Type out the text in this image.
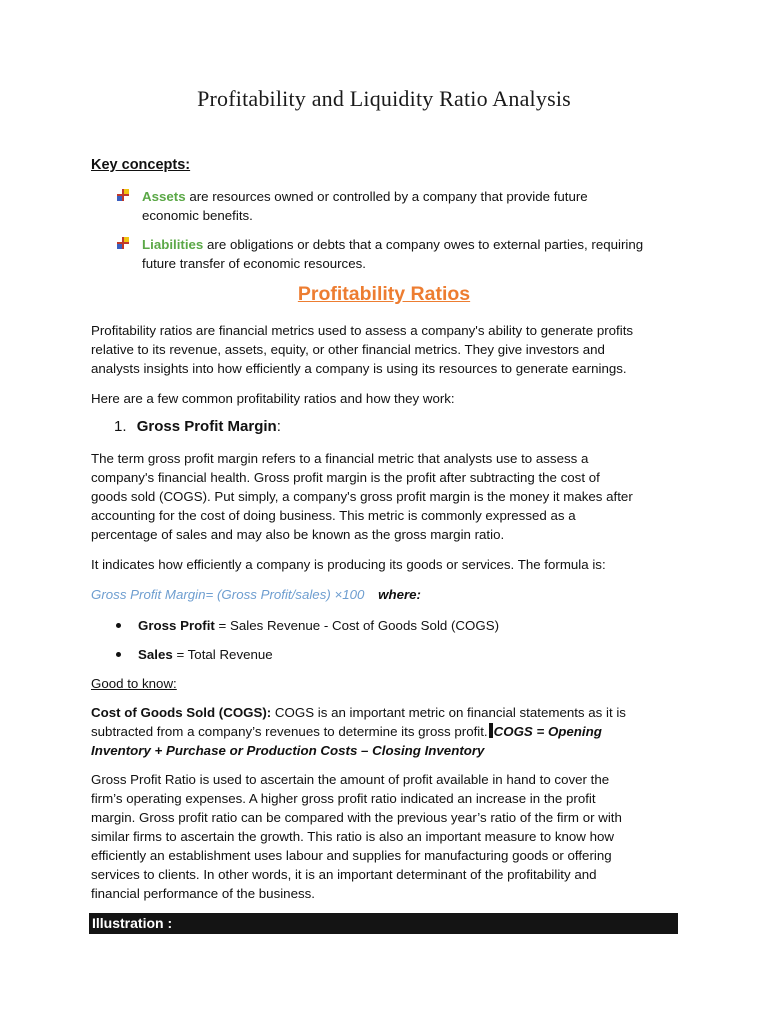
Profitability and Liquidity Ratio Analysis
Key concepts:
Assets are resources owned or controlled by a company that provide future
economic benefits.
Liabilities are obligations or debts that a company owes to external parties, requiring
future transfer of economic resources.
Profitability Ratios
Profitability ratios are financial metrics used to assess a company's ability to generate profits
relative to its revenue, assets, equity, or other financial metrics. They give investors and
analysts insights into how efficiently a company is using its resources to generate earnings.
Here are a few common profitability ratios and how they work:
1. Gross Profit Margin:
The term gross profit margin refers to a financial metric that analysts use to assess a
company's financial health. Gross profit margin is the profit after subtracting the cost of
goods sold (COGS). Put simply, a company's gross profit margin is the money it makes after
accounting for the cost of doing business. This metric is commonly expressed as a
percentage of sales and may also be known as the gross margin ratio.
It indicates how efficiently a company is producing its goods or services. The formula is:
Gross Profit Margin= (Gross Profit/sales) ×100 where:
Gross Profit = Sales Revenue - Cost of Goods Sold (COGS)
Sales = Total Revenue
Good to know:
Cost of Goods Sold (COGS): COGS is an important metric on financial statements as it is
subtracted from a company’s revenues to determine its gross profit. COGS = Opening
Inventory + Purchase or Production Costs – Closing Inventory
Gross Profit Ratio is used to ascertain the amount of profit available in hand to cover the
firm’s operating expenses. A higher gross profit ratio indicated an increase in the profit
margin. Gross profit ratio can be compared with the previous year’s ratio of the firm or with
similar firms to ascertain the growth. This ratio is also an important measure to know how
efficiently an establishment uses labour and supplies for manufacturing goods or offering
services to clients. In other words, it is an important determinant of the profitability and
financial performance of the business.
Illustration :
